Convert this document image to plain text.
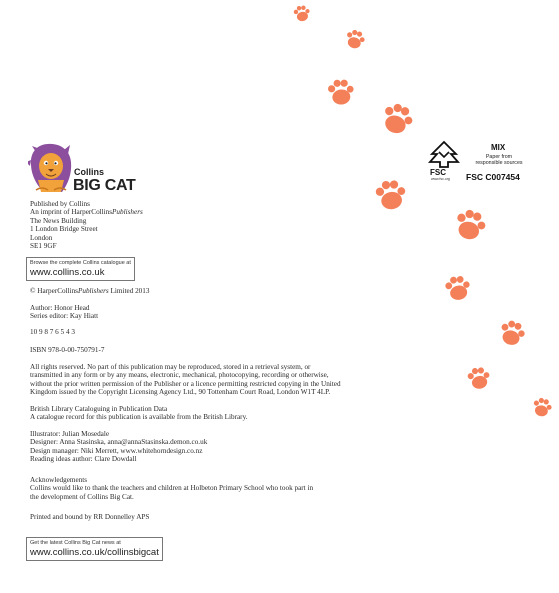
Collins
BIG CAT
FSC
www.fsc.org
MIX
Paper from
responsible sources
FSC C007454
Published by Collins
An imprint of HarperCollinsPublishers
The News Building
1 London Bridge Street
London
SE1 9GF
Browse the complete Collins catalogue at
www.collins.co.uk
© HarperCollinsPublishers Limited 2013
Author: Honor Head
Series editor: Kay Hiatt
10 9 8 7 6 5 4 3
ISBN 978-0-00-750791-7
All rights reserved. No part of this publication may be reproduced, stored in a retrieval system, or
transmitted in any form or by any means, electronic, mechanical, photocopying, recording or otherwise,
without the prior written permission of the Publisher or a licence permitting restricted copying in the United
Kingdom issued by the Copyright Licensing Agency Ltd., 90 Tottenham Court Road, London W1T 4LP.
British Library Cataloguing in Publication Data
A catalogue record for this publication is available from the British Library.
Illustrator: Julian Mosedale
Designer: Anna Stasinska, anna@annaStasinska.demon.co.uk
Design manager: Niki Merrett, www.whitehorndesign.co.nz
Reading ideas author: Clare Dowdall
Acknowledgements
Collins would like to thank the teachers and children at Holbeton Primary School who took part in
the development of Collins Big Cat.
Printed and bound by RR Donnelley APS
Get the latest Collins Big Cat news at
www.collins.co.uk/collinsbigcat
